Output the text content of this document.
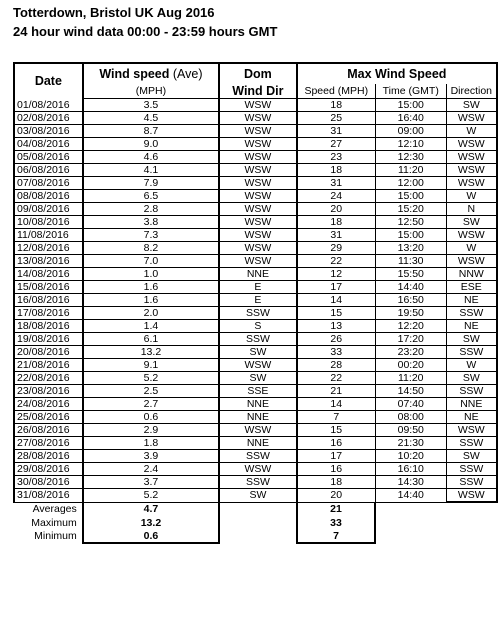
Totterdown, Bristol UK Aug 2016
24 hour wind data 00:00 - 23:59 hours GMT
Date	Wind speed (Ave)	Dom	Max Wind Speed		
	(MPH)	Wind Dir	Speed (MPH)	Time (GMT)	Direction
01/08/2016	3.5	WSW	18	15:00	SW
02/08/2016	4.5	WSW	25	16:40	WSW
03/08/2016	8.7	WSW	31	09:00	W
04/08/2016	9.0	WSW	27	12:10	WSW
05/08/2016	4.6	WSW	23	12:30	WSW
06/08/2016	4.1	WSW	18	11:20	WSW
07/08/2016	7.9	WSW	31	12:00	WSW
08/08/2016	6.5	WSW	24	15:00	W
09/08/2016	2.8	WSW	20	15:20	N
10/08/2016	3.8	WSW	18	12:50	SW
11/08/2016	7.3	WSW	31	15:00	WSW
12/08/2016	8.2	WSW	29	13:20	W
13/08/2016	7.0	WSW	22	11:30	WSW
14/08/2016	1.0	NNE	12	15:50	NNW
15/08/2016	1.6	E	17	14:40	ESE
16/08/2016	1.6	E	14	16:50	NE
17/08/2016	2.0	SSW	15	19:50	SSW
18/08/2016	1.4	S	13	12:20	NE
19/08/2016	6.1	SSW	26	17:20	SW
20/08/2016	13.2	SW	33	23:20	SSW
21/08/2016	9.1	WSW	28	00:20	W
22/08/2016	5.2	SW	22	11:20	SW
23/08/2016	2.5	SSE	21	14:50	SSW
24/08/2016	2.7	NNE	14	07:40	NNE
25/08/2016	0.6	NNE	7	08:00	NE
26/08/2016	2.9	WSW	15	09:50	WSW
27/08/2016	1.8	NNE	16	21:30	SSW
28/08/2016	3.9	SSW	17	10:20	SW
29/08/2016	2.4	WSW	16	16:10	SSW
30/08/2016	3.7	SSW	18	14:30	SSW
31/08/2016	5.2	SW	20	14:40	WSW
Averages	4.7		21		
Maximum	13.2		33		
Minimum	0.6		7		
